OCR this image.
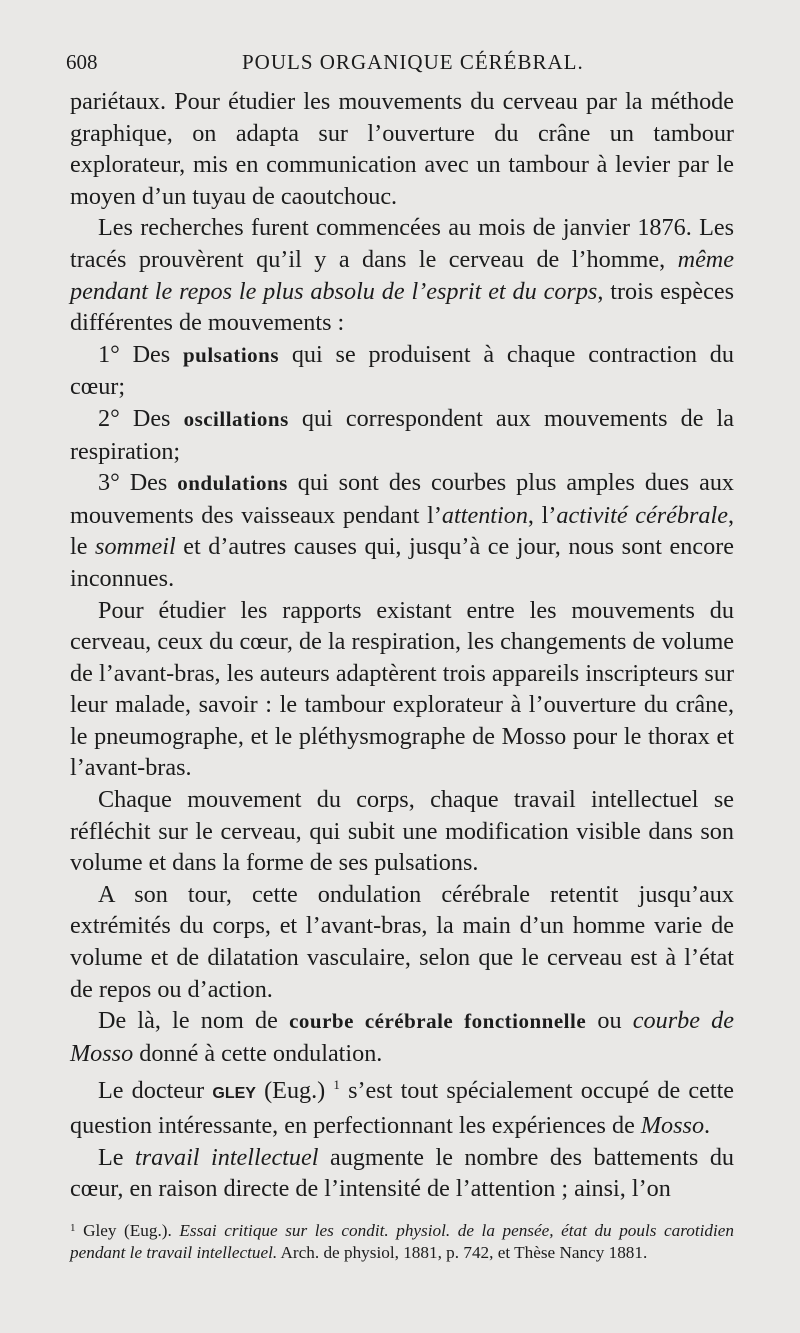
608	POULS ORGANIQUE CÉRÉBRAL.

pariétaux. Pour étudier les mouvements du cerveau par la méthode graphique, on adapta sur l’ouverture du crâne un tambour explorateur, mis en communication avec un tambour à levier par le moyen d’un tuyau de caoutchouc.

Les recherches furent commencées au mois de janvier 1876. Les tracés prouvèrent qu’il y a dans le cerveau de l’homme, même pendant le repos le plus absolu de l’esprit et du corps, trois espèces différentes de mouvements :

1° Des pulsations qui se produisent à chaque contraction du cœur;

2° Des oscillations qui correspondent aux mouvements de la respiration;

3° Des ondulations qui sont des courbes plus amples dues aux mouvements des vaisseaux pendant l’attention, l’activité cérébrale, le sommeil et d’autres causes qui, jusqu’à ce jour, nous sont encore inconnues.

Pour étudier les rapports existant entre les mouvements du cerveau, ceux du cœur, de la respiration, les changements de volume de l’avant-bras, les auteurs adaptèrent trois appareils inscripteurs sur leur malade, savoir : le tambour explorateur à l’ouverture du crâne, le pneumographe, et le pléthysmographe de Mosso pour le thorax et l’avant-bras.

Chaque mouvement du corps, chaque travail intellectuel se réfléchit sur le cerveau, qui subit une modification visible dans son volume et dans la forme de ses pulsations.

A son tour, cette ondulation cérébrale retentit jusqu’aux extrémités du corps, et l’avant-bras, la main d’un homme varie de volume et de dilatation vasculaire, selon que le cerveau est à l’état de repos ou d’action.

De là, le nom de courbe cérébrale fonctionnelle ou courbe de Mosso donné à cette ondulation.

Le docteur GLEY (Eug.) $^1$ s’est tout spécialement occupé de cette question intéressante, en perfectionnant les expériences de Mosso.

Le travail intellectuel augmente le nombre des battements du cœur, en raison directe de l’intensité de l’attention ; ainsi, l’on

$^1$ Gley (Eug.). Essai critique sur les condit. physiol. de la pensée, état du pouls carotidien pendant le travail intellectuel. Arch. de physiol, 1881, p. 742, et Thèse Nancy 1881.
